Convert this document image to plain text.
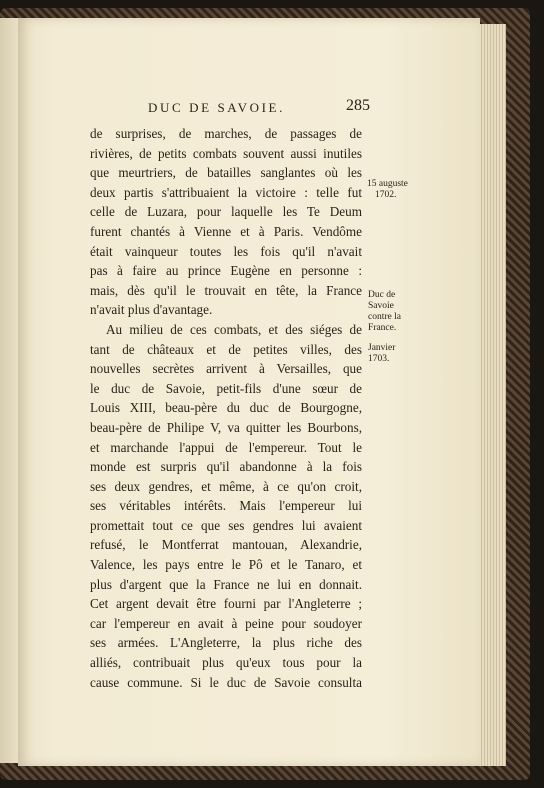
DUC DE SAVOIE.	285
de surprises, de marches, de passages de
rivières, de petits combats souvent aussi inutiles
que meurtriers, de batailles sanglantes où les
deux partis s'attribuaient la victoire : telle fut
celle de Luzara, pour laquelle les Te Deum
furent chantés à Vienne et à Paris. Vendôme
était vainqueur toutes les fois qu'il n'avait
pas à faire au prince Eugène en personne :
mais, dès qu'il le trouvait en tête, la France
n'avait plus d'avantage.
Au milieu de ces combats, et des siéges de
tant de châteaux et de petites villes, des
nouvelles secrètes arrivent à Versailles, que
le duc de Savoie, petit-fils d'une sœur de
Louis XIII, beau-père du duc de Bourgogne,
beau-père de Philipe V, va quitter les Bourbons,
et marchande l'appui de l'empereur. Tout le
monde est surpris qu'il abandonne à la fois
ses deux gendres, et même, à ce qu'on croit,
ses véritables intérêts. Mais l'empereur lui
promettait tout ce que ses gendres lui avaient
refusé, le Montferrat mantouan, Alexandrie,
Valence, les pays entre le Pô et le Tanaro, et
plus d'argent que la France ne lui en donnait.
Cet argent devait être fourni par l'Angleterre ;
car l'empereur en avait à peine pour soudoyer
ses armées. L'Angleterre, la plus riche des
alliés, contribuait plus qu'eux tous pour la
cause commune. Si le duc de Savoie consulta
15 auguste
1702.
Duc de
Savoie
contre la
France.
Janvier
1703.
